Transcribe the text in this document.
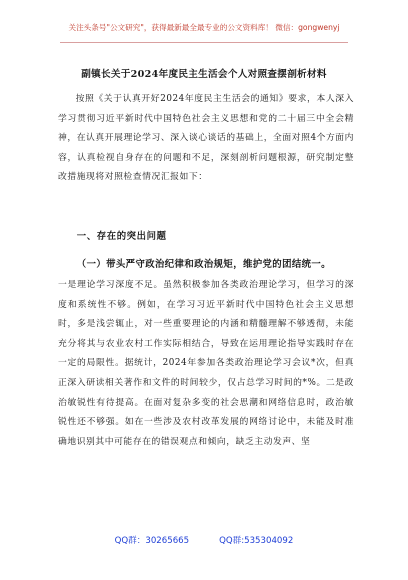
关注头条号"公文研究"，获得最新最全最专业的公文资料库！ 微信：gongwenyj
副镇长关于2024年度民主生活会个人对照查摆剖析材料
按照《关于认真开好2024年度民主生活会的通知》要求，本人深入学习贯彻习近平新时代中国特色社会主义思想和党的二十届三中全会精神，在认真开展理论学习、深入谈心谈话的基础上，全面对照4个方面内容，认真检视自身存在的问题和不足，深刻剖析问题根源，研究制定整改措施现将对照检查情况汇报如下：
一、存在的突出问题
（一）带头严守政治纪律和政治规矩，维护党的团结统一。
一是理论学习深度不足。虽然积极参加各类政治理论学习，但学习的深度和系统性不够。例如，在学习习近平新时代中国特色社会主义思想时，多是浅尝辄止，对一些重要理论的内涵和精髓理解不够透彻，未能充分将其与农业农村工作实际相结合，导致在运用理论指导实践时存在一定的局限性。据统计，2024年参加各类政治理论学习会议*次，但真正深入研读相关著作和文件的时间较少，仅占总学习时间的*%。二是政治敏锐性有待提高。在面对复杂多变的社会思潮和网络信息时，政治敏锐性还不够强。如在一些涉及农村改革发展的网络讨论中，未能及时准确地识别其中可能存在的错误观点和倾向，缺乏主动发声、坚
QQ群：30265665	QQ群:535304092
